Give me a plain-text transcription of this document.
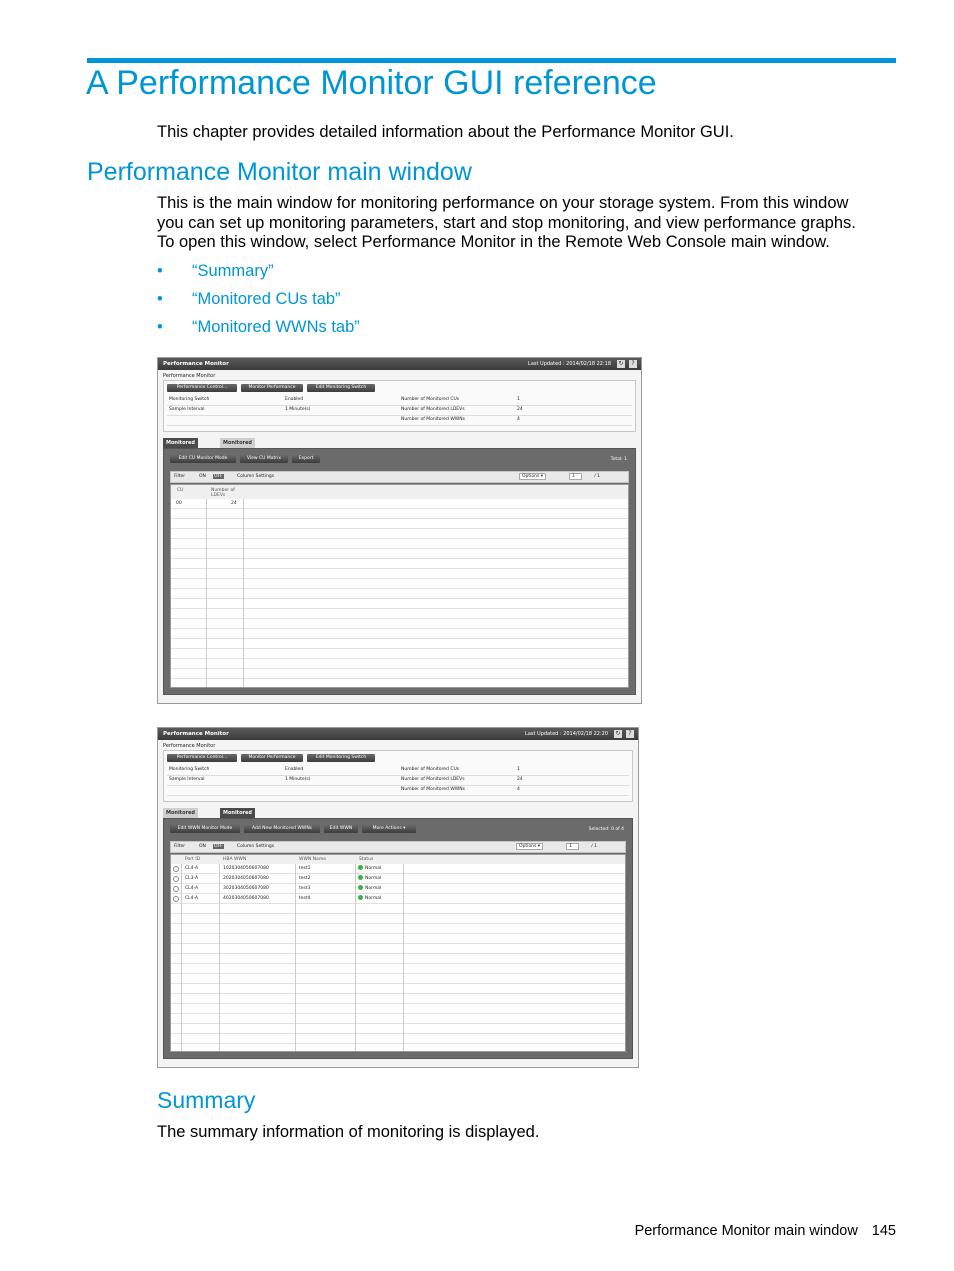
A Performance Monitor GUI reference
This chapter provides detailed information about the Performance Monitor GUI.
Performance Monitor main window
This is the main window for monitoring performance on your storage system. From this window
you can set up monitoring parameters, start and stop monitoring, and view performance graphs.
To open this window, select Performance Monitor in the Remote Web Console main window.
• “Summary”
• “Monitored CUs tab”
• “Monitored WWNs tab”
Performance Monitor	Last Updated : 2014/02/18 22:18 ↻	?
Performance Monitor
Performance Control...	Monitor Performance	Edit Monitoring Switch
Monitoring Switch	Enabled	Number of Monitored CUs	1
Sample Interval	1 Minute(s)	Number of Monitored LDEVs	24
Number of Monitored WWNs	4
Monitored	Monitored
Edit CU Monitor Mode	View CU Matrix	Export	Total: 1
Filter	ON OFF	Column Settings	Options ▾	1	/ 1
CU	Number of LDEVs
00	24
Performance Monitor	Last Updated : 2014/02/18 22:20 ↻	?
Performance Monitor
Performance Control...	Monitor Performance	Edit Monitoring Switch
Monitoring Switch	Enabled	Number of Monitored CUs	1
Sample Interval	1 Minute(s)	Number of Monitored LDEVs	24
Number of Monitored WWNs	4
Monitored	Monitored
Edit WWN Monitor Mode	Add New Monitored WWNs	Edit WWN	More Actions ▾	Selected: 0 of 4
Filter	ON OFF	Column Settings	Options ▾	1	/ 1
Port ID	HBA WWN	WWN Name	Status
CL4-A	1020304050607080	test1	Normal
CL3-A	2020304050607080	test2	Normal
CL4-A	3020304050607080	test3	Normal
CL4-A	4020304050607080	test4	Normal
Summary
The summary information of monitoring is displayed.
Performance Monitor main window 145
